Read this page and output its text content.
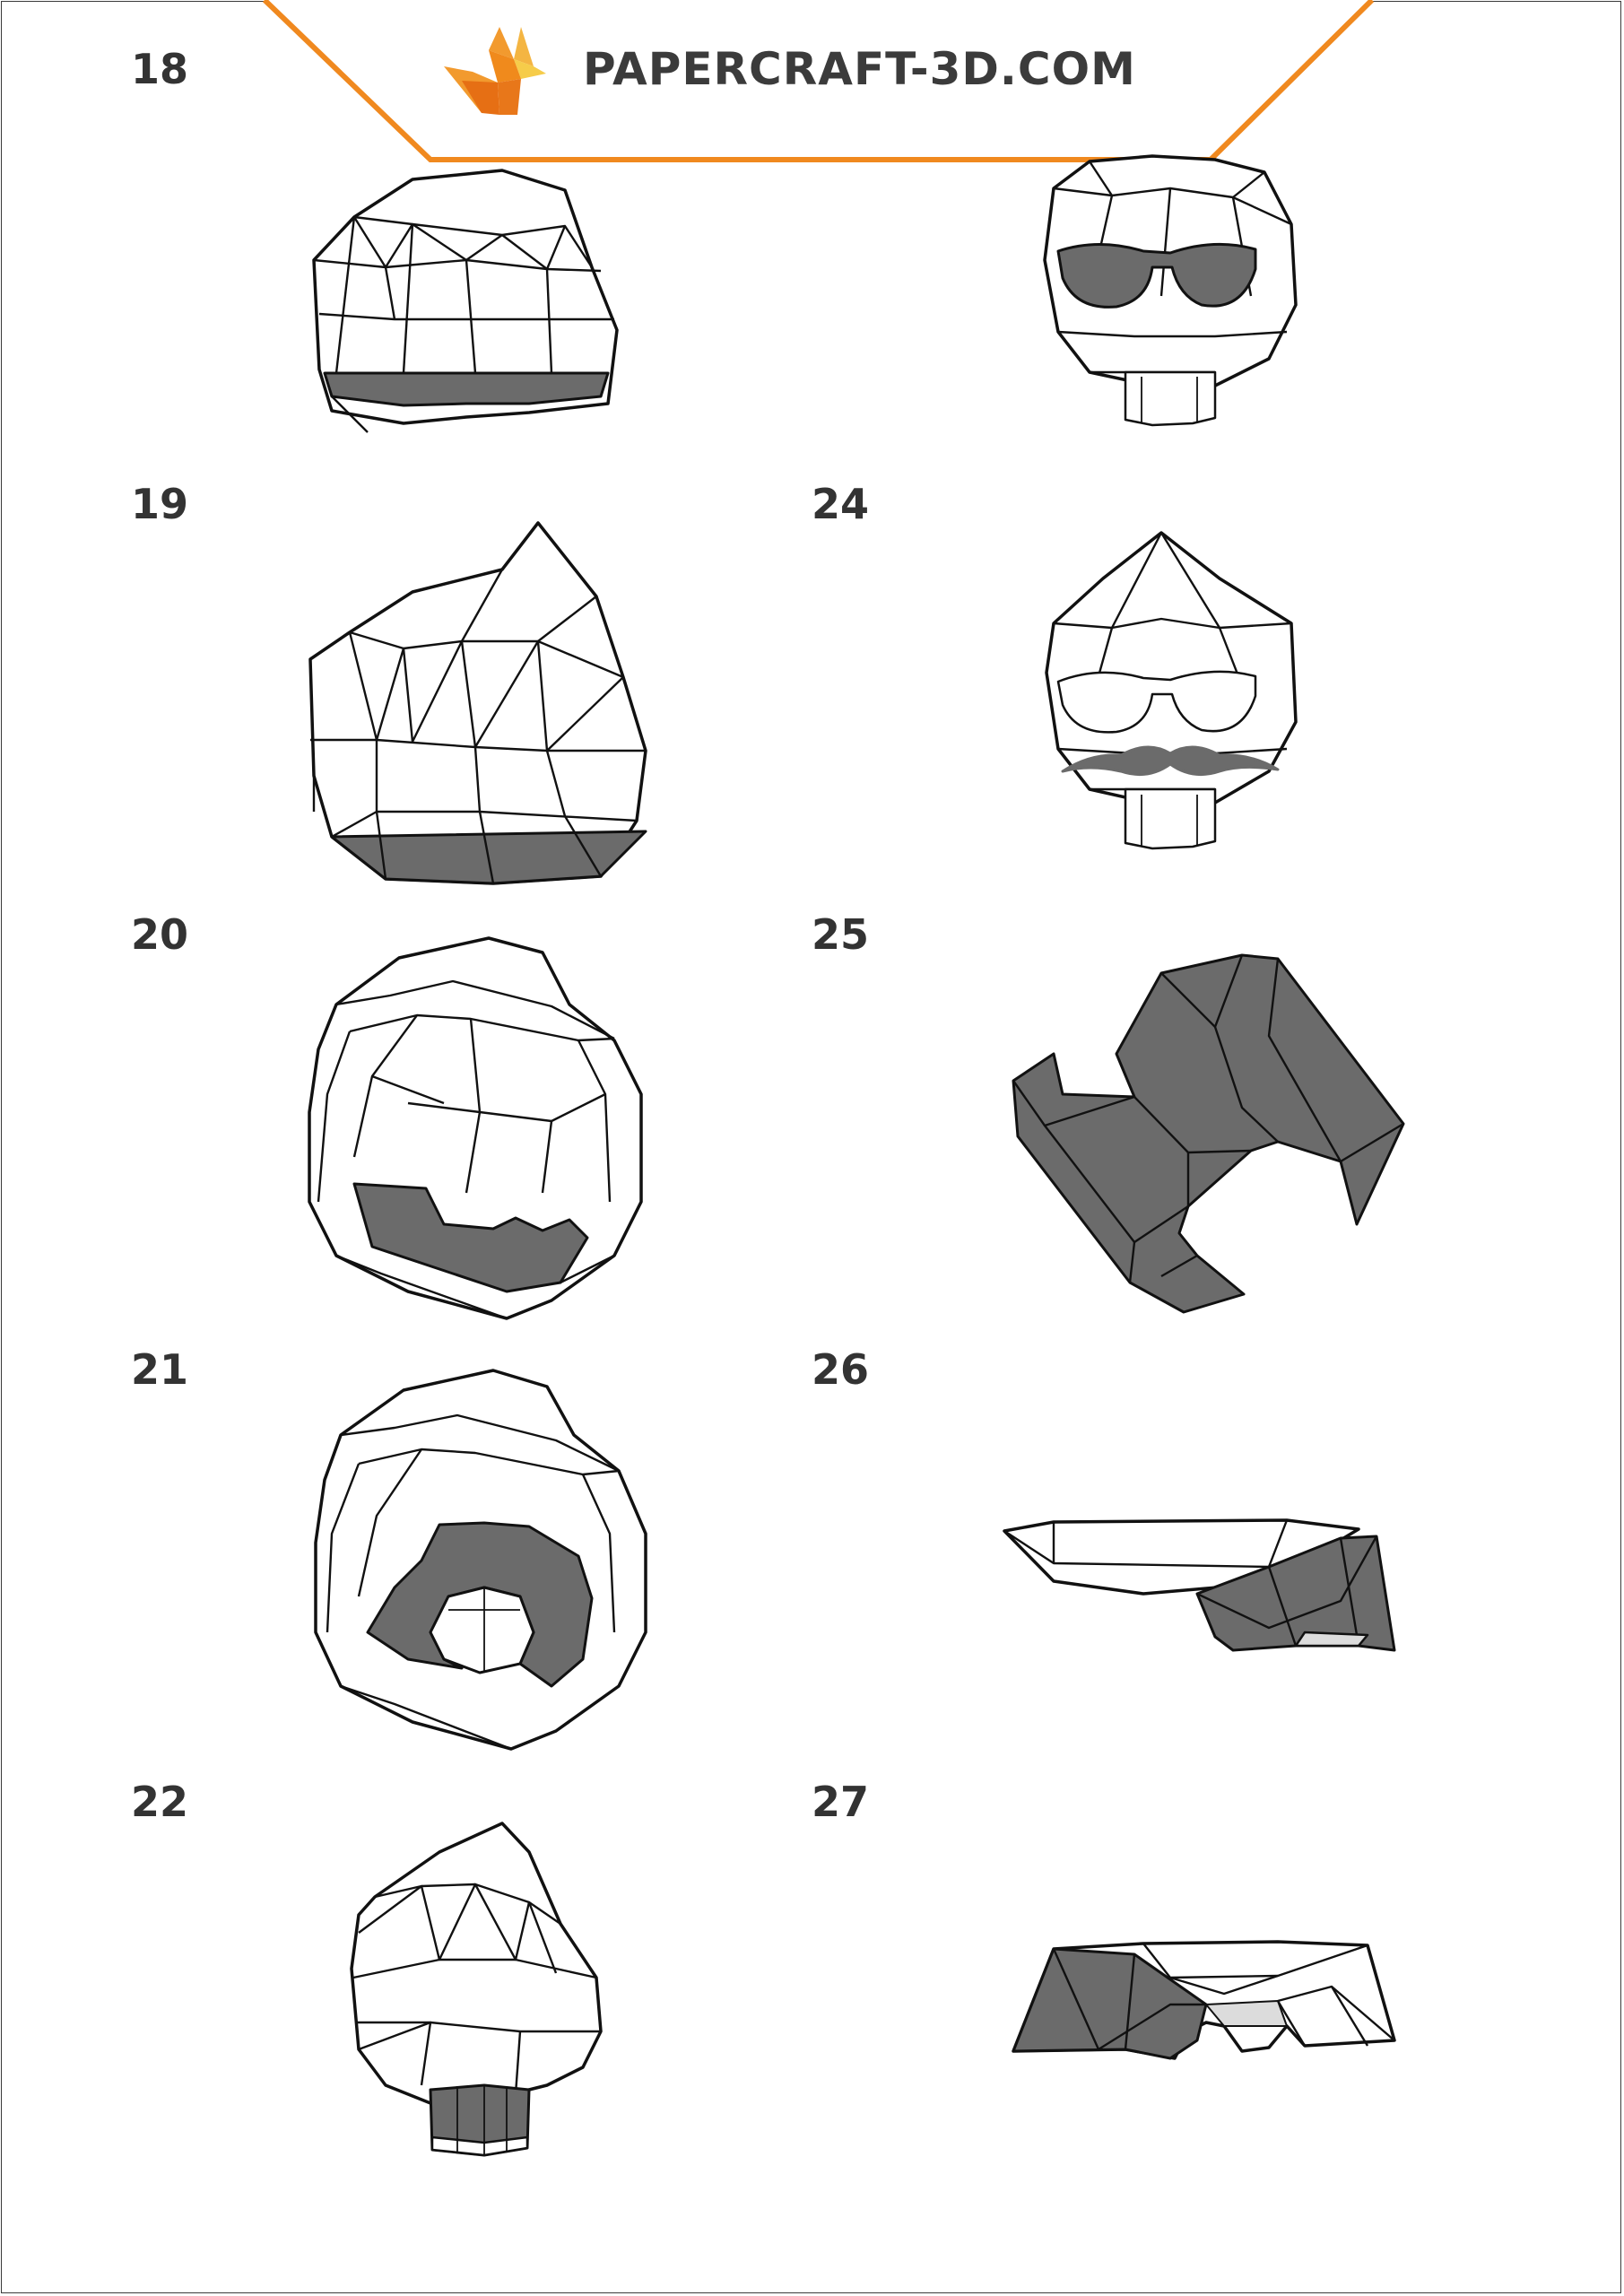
PAPERCRAFT-3D.COM
18
19
20
21
22
24
25
26
27
